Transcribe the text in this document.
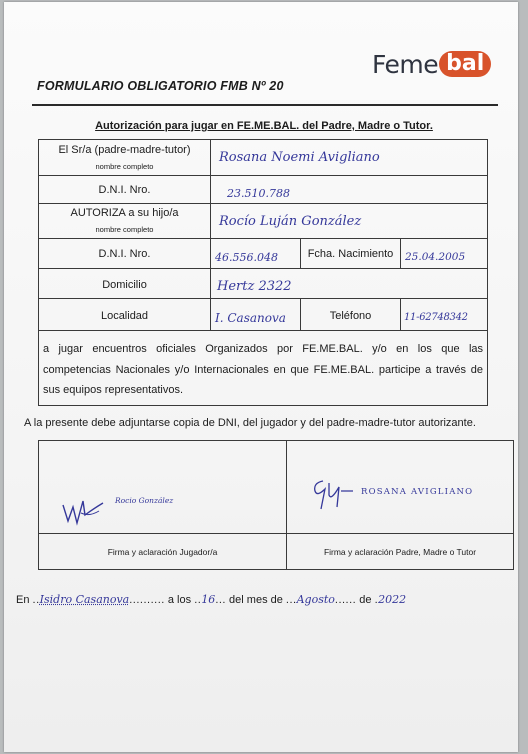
Feme bal
FORMULARIO OBLIGATORIO FMB Nº 20
Autorización para jugar en FE.ME.BAL. del Padre, Madre o Tutor.
El Sr/a (padre-madre-tutor)
nombre completo
Rosana Noemi Avigliano
D.N.I. Nro.	23.510.788
AUTORIZA a su hijo/a
nombre completo
Rocío Luján González
D.N.I. Nro.	46.556.048	Fcha. Nacimiento	25.04.2005
Domicilio	Hertz 2322
Localidad	I. Casanova	Teléfono	11-62748342
a jugar encuentros oficiales Organizados por FE.ME.BAL. y/o en los que las competencias Nacionales y/o Internacionales en que FE.ME.BAL. participe a través de sus equipos representativos.
A la presente debe adjuntarse copia de DNI, del jugador y del padre-madre-tutor autorizante.
Rocio González
ROSANA AVIGLIANO
Firma y aclaración Jugador/a	Firma y aclaración Padre, Madre o Tutor
En ..Isidro Casanova.......... a los ..16... del mes de ...Agosto...... de .2022
